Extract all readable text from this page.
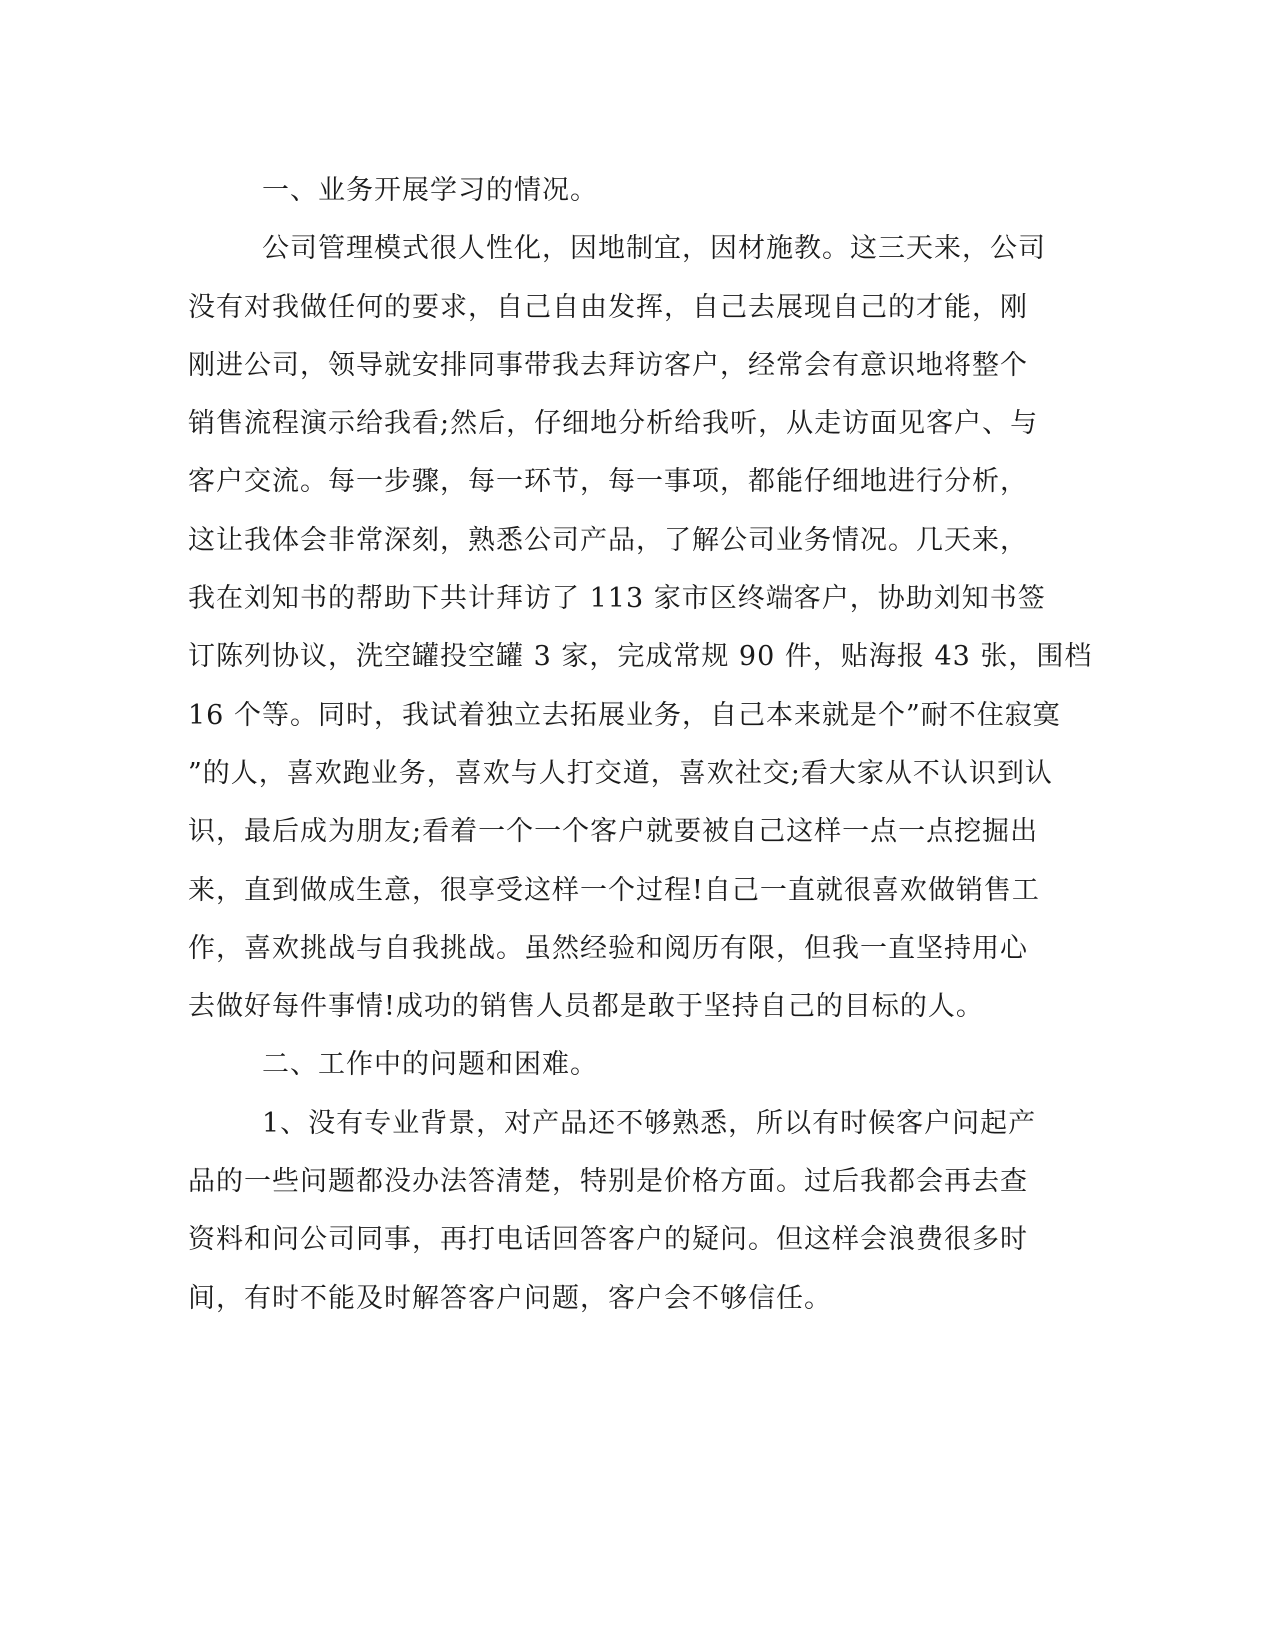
一、业务开展学习的情况。
公司管理模式很人性化，因地制宜，因材施教。这三天来，公司
没有对我做任何的要求，自己自由发挥，自己去展现自己的才能，刚
刚进公司，领导就安排同事带我去拜访客户，经常会有意识地将整个
销售流程演示给我看;然后，仔细地分析给我听，从走访面见客户、与
客户交流。每一步骤，每一环节，每一事项，都能仔细地进行分析，
这让我体会非常深刻，熟悉公司产品，了解公司业务情况。几天来，
我在刘知书的帮助下共计拜访了 113 家市区终端客户，协助刘知书签
订陈列协议，洗空罐投空罐 3 家，完成常规 90 件，贴海报 43 张，围档
16 个等。同时，我试着独立去拓展业务，自己本来就是个”耐不住寂寞
”的人，喜欢跑业务，喜欢与人打交道，喜欢社交;看大家从不认识到认
识，最后成为朋友;看着一个一个客户就要被自己这样一点一点挖掘出
来，直到做成生意，很享受这样一个过程!自己一直就很喜欢做销售工
作，喜欢挑战与自我挑战。虽然经验和阅历有限，但我一直坚持用心
去做好每件事情!成功的销售人员都是敢于坚持自己的目标的人。
二、工作中的问题和困难。
1、没有专业背景，对产品还不够熟悉，所以有时候客户问起产
品的一些问题都没办法答清楚，特别是价格方面。过后我都会再去查
资料和问公司同事，再打电话回答客户的疑问。但这样会浪费很多时
间，有时不能及时解答客户问题，客户会不够信任。
